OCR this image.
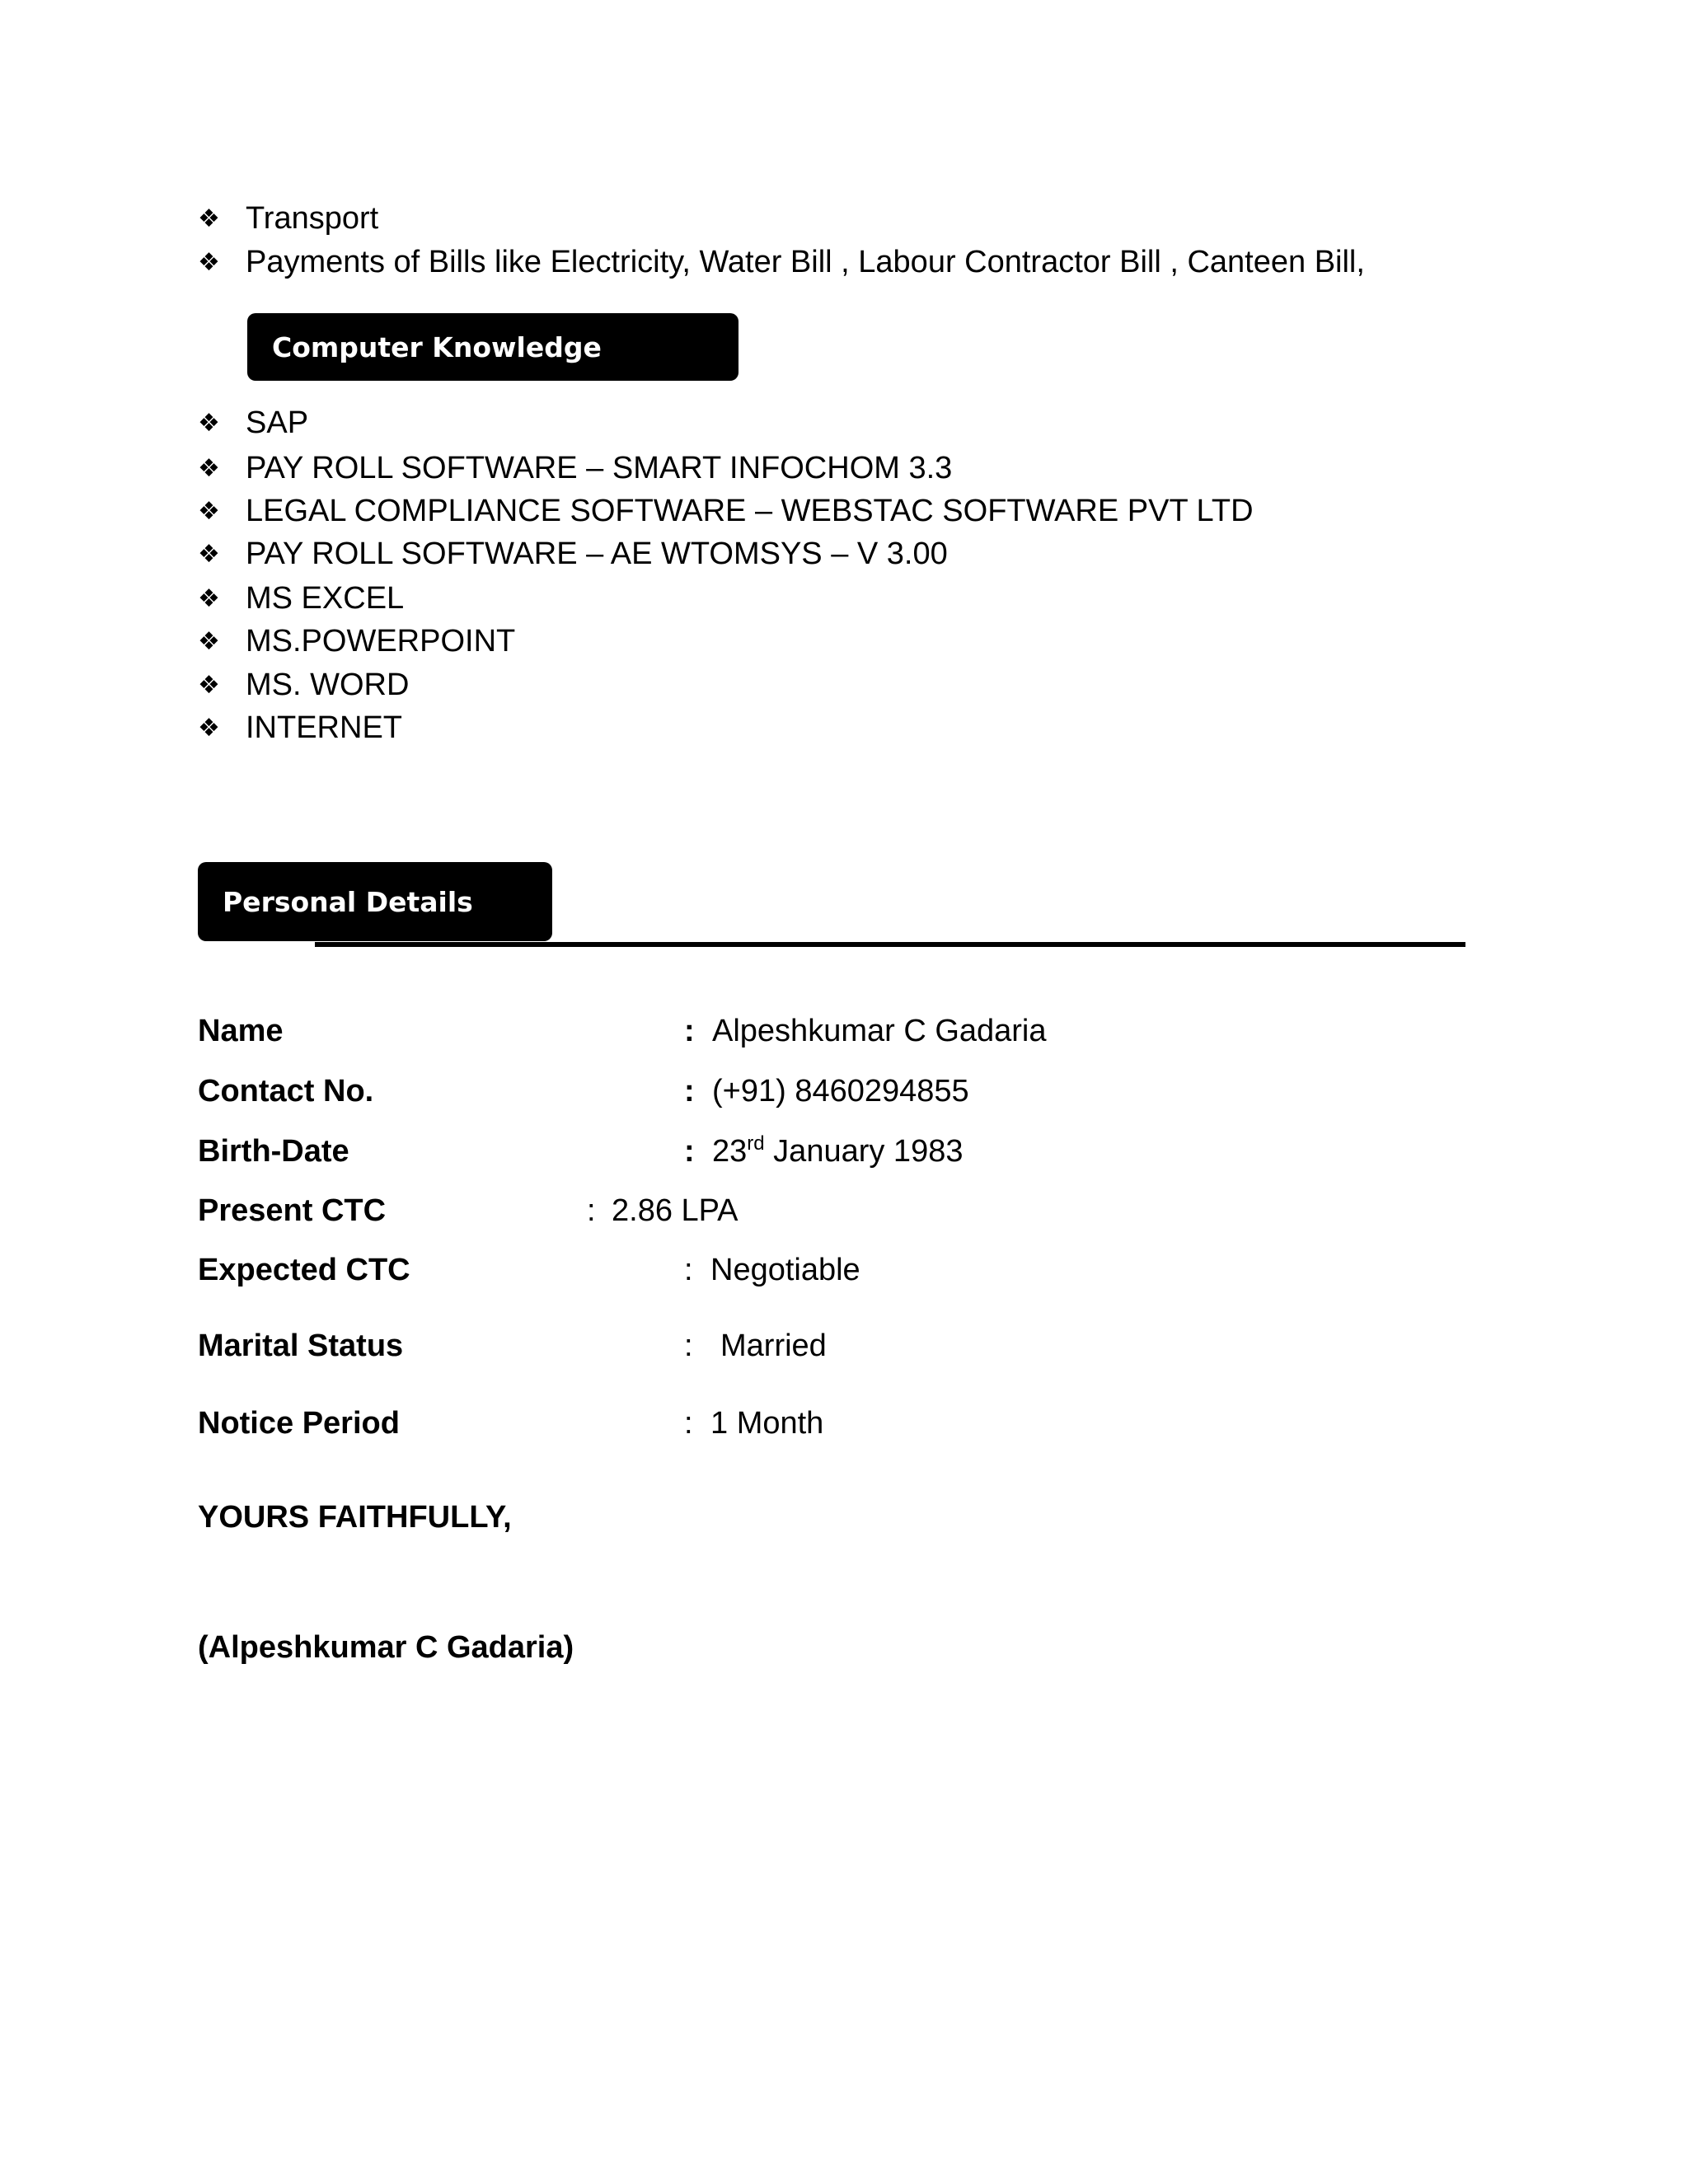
❖ Transport
❖ Payments of Bills like Electricity, Water Bill , Labour Contractor Bill , Canteen Bill,
Computer Knowledge
❖ SAP
❖ PAY ROLL SOFTWARE – SMART INFOCHOM 3.3
❖ LEGAL COMPLIANCE SOFTWARE – WEBSTAC SOFTWARE PVT LTD
❖ PAY ROLL SOFTWARE – AE WTOMSYS – V 3.00
❖ MS EXCEL
❖ MS.POWERPOINT
❖ MS. WORD
❖ INTERNET
Personal Details
Name	: Alpeshkumar C Gadaria
Contact No.	: (+91) 8460294855
Birth-Date	: 23rd January 1983
Present CTC	: 2.86 LPA
Expected CTC	: Negotiable
Marital Status	: Married
Notice Period	: 1 Month
YOURS FAITHFULLY,
(Alpeshkumar C Gadaria)
